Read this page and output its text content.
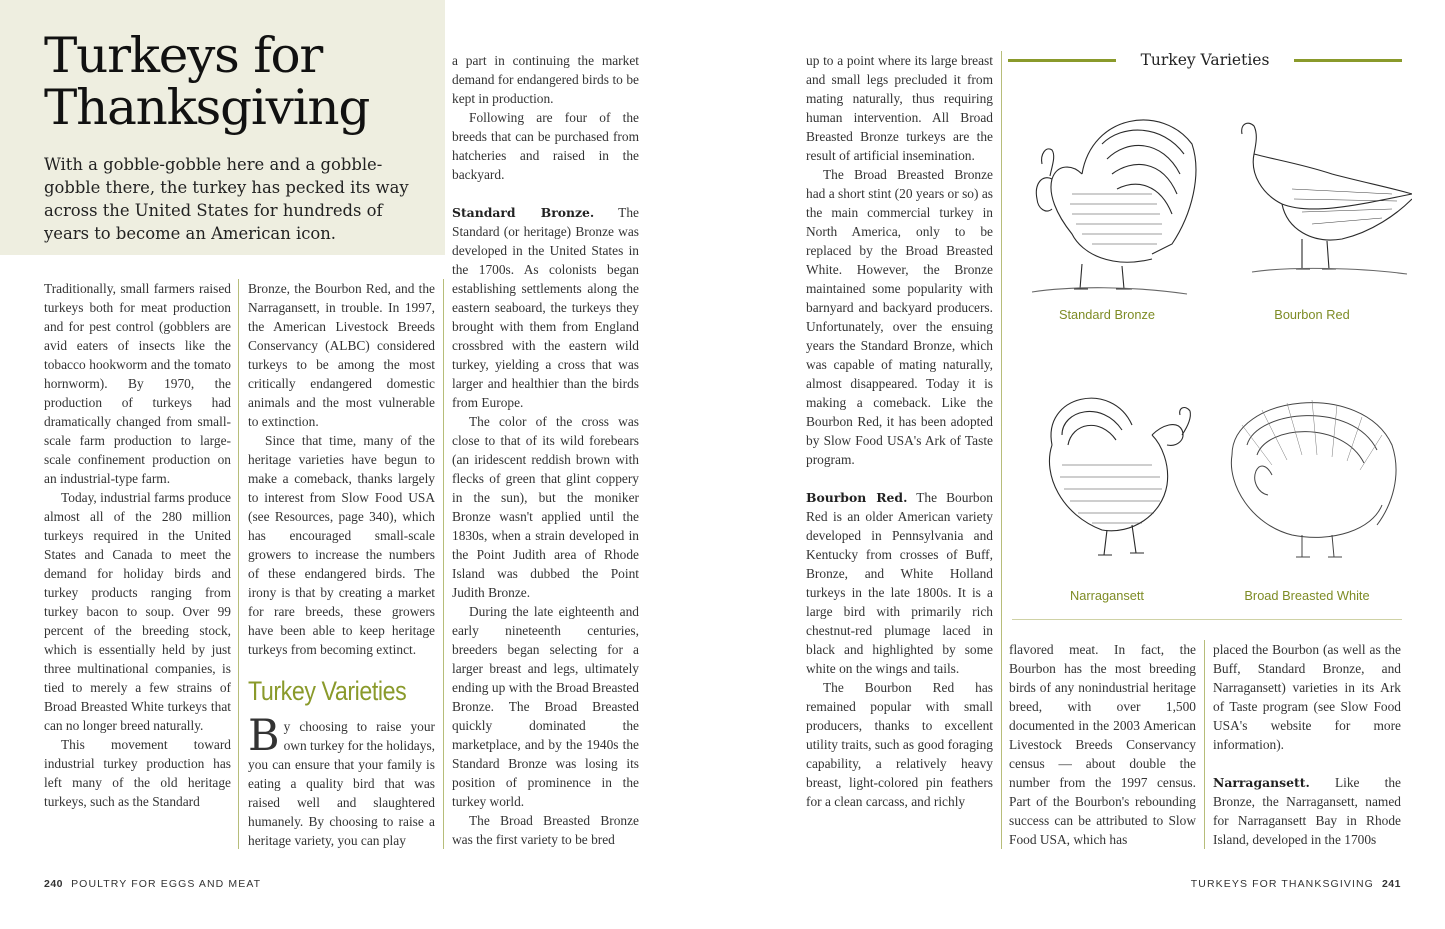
Turkeys for
Thanksgiving
With a gobble-gobble here and a gobble-gobble there, the turkey has pecked its way across the United States for hundreds of years to become an American icon.

Traditionally, small farmers raised turkeys both for meat production and for pest control (gobblers are avid eaters of insects like the tobacco hookworm and the tomato hornworm). By 1970, the production of turkeys had dramatically changed from small-scale farm production to large-scale confinement production on an industrial-type farm.

Today, industrial farms produce almost all of the 280 million turkeys required in the United States and Canada to meet the demand for holiday birds and turkey products ranging from turkey bacon to soup. Over 99 percent of the breeding stock, which is essentially held by just three multinational companies, is tied to merely a few strains of Broad Breasted White turkeys that can no longer breed naturally.

This movement toward industrial turkey production has left many of the old heritage turkeys, such as the Standard

Bronze, the Bourbon Red, and the Narragansett, in trouble. In 1997, the American Livestock Breeds Conservancy (ALBC) considered turkeys to be among the most critically endangered domestic animals and the most vulnerable to extinction.

Since that time, many of the heritage varieties have begun to make a comeback, thanks largely to interest from Slow Food USA (see Resources, page 340), which has encouraged small-scale growers to increase the numbers of these endangered birds. The irony is that by creating a market for rare breeds, these growers have been able to keep heritage turkeys from becoming extinct.

Turkey Varieties

By choosing to raise your own turkey for the holidays, you can ensure that your family is eating a quality bird that was raised well and slaughtered humanely. By choosing to raise a heritage variety, you can play

a part in continuing the market demand for endangered birds to be kept in production.

Following are four of the breeds that can be purchased from hatcheries and raised in the backyard.

Standard Bronze. The Standard (or heritage) Bronze was developed in the United States in the 1700s. As colonists began establishing settlements along the eastern seaboard, the turkeys they brought with them from England crossbred with the eastern wild turkey, yielding a cross that was larger and healthier than the birds from Europe.

The color of the cross was close to that of its wild forebears (an iridescent reddish brown with flecks of green that glint coppery in the sun), but the moniker Bronze wasn't applied until the 1830s, when a strain developed in the Point Judith area of Rhode Island was dubbed the Point Judith Bronze.

During the late eighteenth and early nineteenth centuries, breeders began selecting for a larger breast and legs, ultimately ending up with the Broad Breasted Bronze. The Broad Breasted quickly dominated the marketplace, and by the 1940s the Standard Bronze was losing its position of prominence in the turkey world.

The Broad Breasted Bronze was the first variety to be bred

240 POULTRY FOR EGGS AND MEAT

up to a point where its large breast and small legs precluded it from mating naturally, thus requiring human intervention. All Broad Breasted Bronze turkeys are the result of artificial insemination.

The Broad Breasted Bronze had a short stint (20 years or so) as the main commercial turkey in North America, only to be replaced by the Broad Breasted White. However, the Bronze maintained some popularity with barnyard and backyard producers. Unfortunately, over the ensuing years the Standard Bronze, which was capable of mating naturally, almost disappeared. Today it is making a comeback. Like the Bourbon Red, it has been adopted by Slow Food USA's Ark of Taste program.

Bourbon Red. The Bourbon Red is an older American variety developed in Pennsylvania and Kentucky from crosses of Buff, Bronze, and White Holland turkeys in the late 1800s. It is a large bird with primarily rich chestnut-red plumage laced in black and highlighted by some white on the wings and tails.

The Bourbon Red has remained popular with small producers, thanks to excellent utility traits, such as good foraging capability, a relatively heavy breast, light-colored pin feathers for a clean carcass, and richly

Turkey Varieties
Standard Bronze	Bourbon Red
Narragansett	Broad Breasted White

flavored meat. In fact, the Bourbon has the most breeding birds of any nonindustrial heritage breed, with over 1,500 documented in the 2003 American Livestock Breeds Conservancy census — about double the number from the 1997 census. Part of the Bourbon's rebounding success can be attributed to Slow Food USA, which has

placed the Bourbon (as well as the Buff, Standard Bronze, and Narragansett) varieties in its Ark of Taste program (see Slow Food USA's website for more information).

Narragansett. Like the Bronze, the Narragansett, named for Narragansett Bay in Rhode Island, developed in the 1700s

TURKEYS FOR THANKSGIVING 241
